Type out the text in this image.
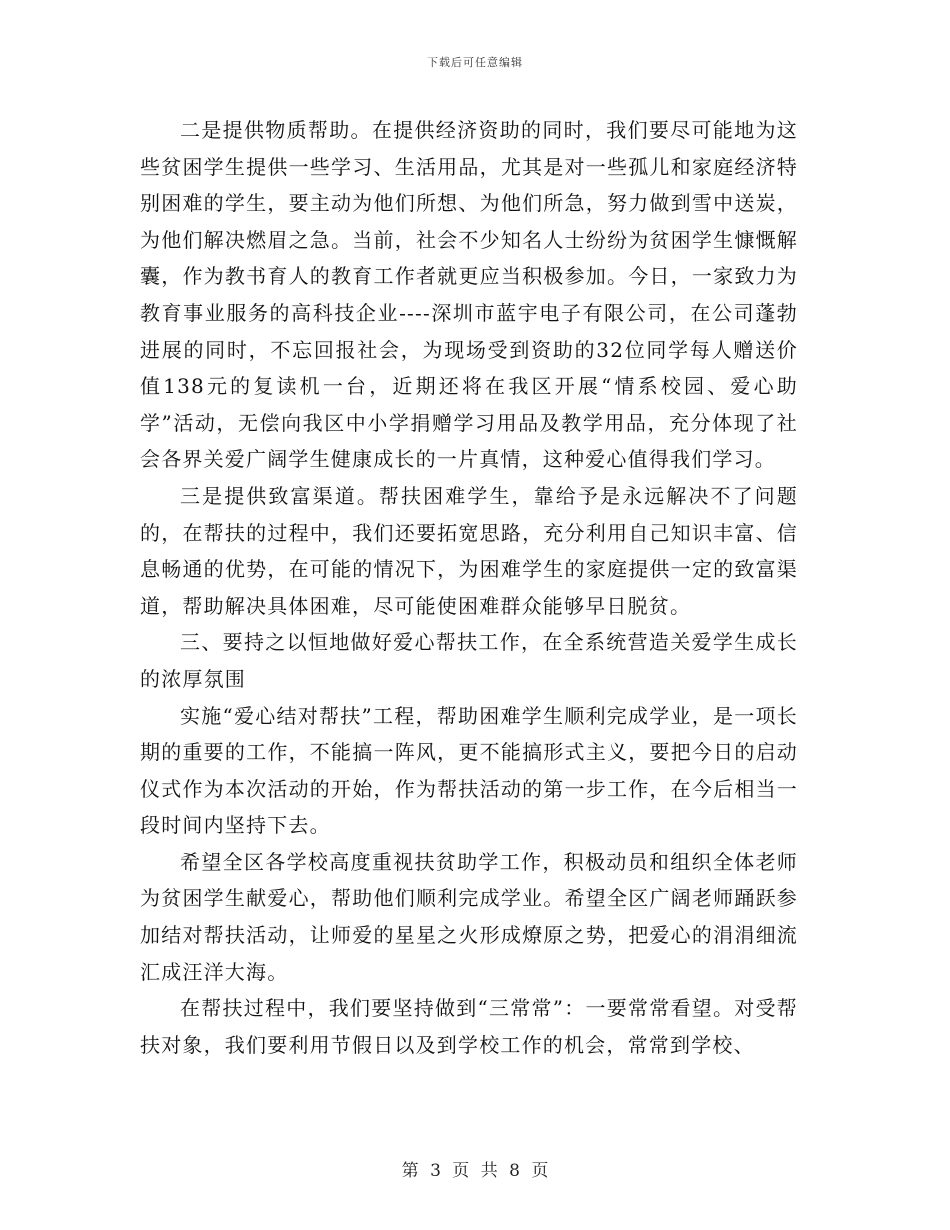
下载后可任意编辑

二是提供物质帮助。在提供经济资助的同时，我们要尽可能地为这些贫困学生提供一些学习、生活用品，尤其是对一些孤儿和家庭经济特别困难的学生，要主动为他们所想、为他们所急，努力做到雪中送炭，为他们解决燃眉之急。当前，社会不少知名人士纷纷为贫困学生慷慨解囊，作为教书育人的教育工作者就更应当积极参加。今日，一家致力为教育事业服务的高科技企业----深圳市蓝宇电子有限公司，在公司蓬勃进展的同时，不忘回报社会，为现场受到资助的32位同学每人赠送价值138元的复读机一台，近期还将在我区开展“情系校园、爱心助学”活动，无偿向我区中小学捐赠学习用品及教学用品，充分体现了社会各界关爱广阔学生健康成长的一片真情，这种爱心值得我们学习。

三是提供致富渠道。帮扶困难学生，靠给予是永远解决不了问题的，在帮扶的过程中，我们还要拓宽思路，充分利用自己知识丰富、信息畅通的优势，在可能的情况下，为困难学生的家庭提供一定的致富渠道，帮助解决具体困难，尽可能使困难群众能够早日脱贫。

三、要持之以恒地做好爱心帮扶工作，在全系统营造关爱学生成长的浓厚氛围

实施“爱心结对帮扶”工程，帮助困难学生顺利完成学业，是一项长期的重要的工作，不能搞一阵风，更不能搞形式主义，要把今日的启动仪式作为本次活动的开始，作为帮扶活动的第一步工作，在今后相当一段时间内坚持下去。

希望全区各学校高度重视扶贫助学工作，积极动员和组织全体老师为贫困学生献爱心，帮助他们顺利完成学业。希望全区广阔老师踊跃参加结对帮扶活动，让师爱的星星之火形成燎原之势，把爱心的涓涓细流汇成汪洋大海。

在帮扶过程中，我们要坚持做到“三常常”：一要常常看望。对受帮扶对象，我们要利用节假日以及到学校工作的机会，常常到学校、

第 3 页 共 8 页
